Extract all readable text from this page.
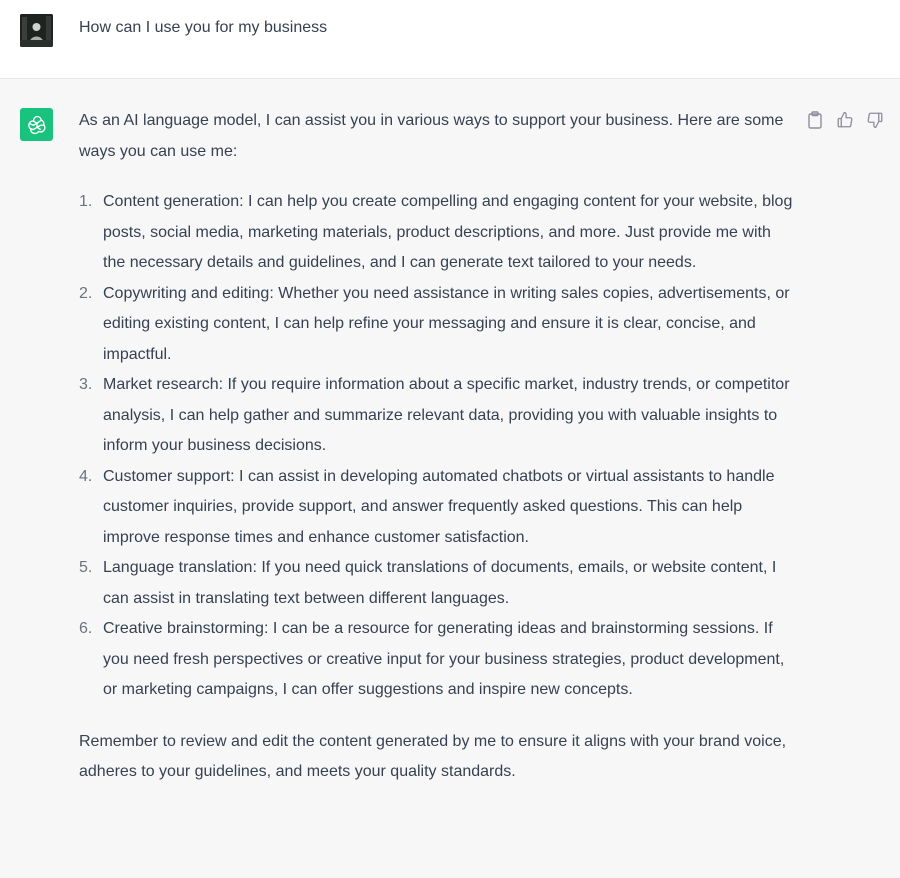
How can I use you for my business

As an AI language model, I can assist you in various ways to support your business. Here are some ways you can use me:

1. Content generation: I can help you create compelling and engaging content for your website, blog posts, social media, marketing materials, product descriptions, and more. Just provide me with the necessary details and guidelines, and I can generate text tailored to your needs.
2. Copywriting and editing: Whether you need assistance in writing sales copies, advertisements, or editing existing content, I can help refine your messaging and ensure it is clear, concise, and impactful.
3. Market research: If you require information about a specific market, industry trends, or competitor analysis, I can help gather and summarize relevant data, providing you with valuable insights to inform your business decisions.
4. Customer support: I can assist in developing automated chatbots or virtual assistants to handle customer inquiries, provide support, and answer frequently asked questions. This can help improve response times and enhance customer satisfaction.
5. Language translation: If you need quick translations of documents, emails, or website content, I can assist in translating text between different languages.
6. Creative brainstorming: I can be a resource for generating ideas and brainstorming sessions. If you need fresh perspectives or creative input for your business strategies, product development, or marketing campaigns, I can offer suggestions and inspire new concepts.

Remember to review and edit the content generated by me to ensure it aligns with your brand voice, adheres to your guidelines, and meets your quality standards.
